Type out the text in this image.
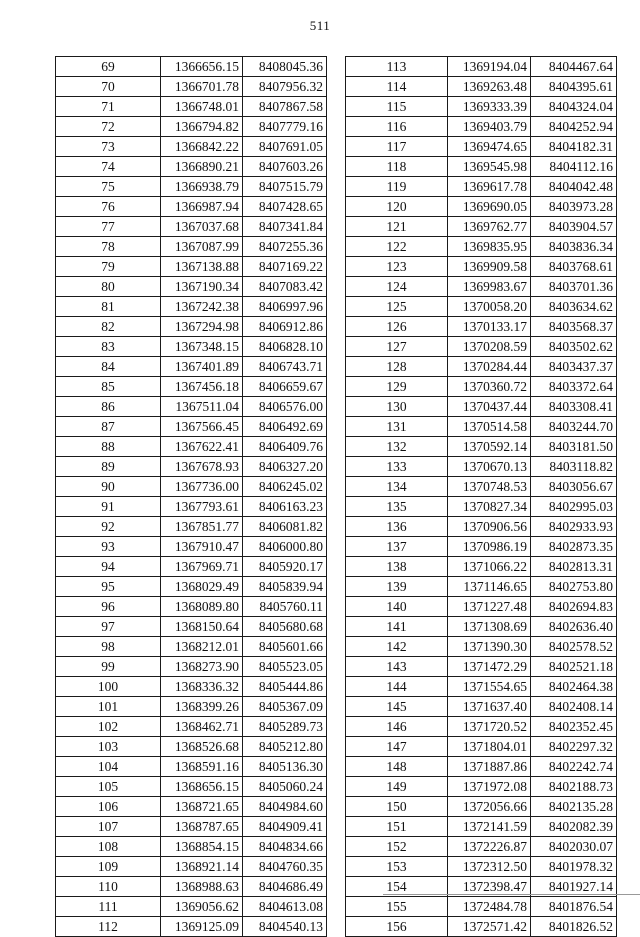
511
69	1366656.15	8408045.36
70	1366701.78	8407956.32
71	1366748.01	8407867.58
72	1366794.82	8407779.16
73	1366842.22	8407691.05
74	1366890.21	8407603.26
75	1366938.79	8407515.79
76	1366987.94	8407428.65
77	1367037.68	8407341.84
78	1367087.99	8407255.36
79	1367138.88	8407169.22
80	1367190.34	8407083.42
81	1367242.38	8406997.96
82	1367294.98	8406912.86
83	1367348.15	8406828.10
84	1367401.89	8406743.71
85	1367456.18	8406659.67
86	1367511.04	8406576.00
87	1367566.45	8406492.69
88	1367622.41	8406409.76
89	1367678.93	8406327.20
90	1367736.00	8406245.02
91	1367793.61	8406163.23
92	1367851.77	8406081.82
93	1367910.47	8406000.80
94	1367969.71	8405920.17
95	1368029.49	8405839.94
96	1368089.80	8405760.11
97	1368150.64	8405680.68
98	1368212.01	8405601.66
99	1368273.90	8405523.05
100	1368336.32	8405444.86
101	1368399.26	8405367.09
102	1368462.71	8405289.73
103	1368526.68	8405212.80
104	1368591.16	8405136.30
105	1368656.15	8405060.24
106	1368721.65	8404984.60
107	1368787.65	8404909.41
108	1368854.15	8404834.66
109	1368921.14	8404760.35
110	1368988.63	8404686.49
111	1369056.62	8404613.08
112	1369125.09	8404540.13
113	1369194.04	8404467.64
114	1369263.48	8404395.61
115	1369333.39	8404324.04
116	1369403.79	8404252.94
117	1369474.65	8404182.31
118	1369545.98	8404112.16
119	1369617.78	8404042.48
120	1369690.05	8403973.28
121	1369762.77	8403904.57
122	1369835.95	8403836.34
123	1369909.58	8403768.61
124	1369983.67	8403701.36
125	1370058.20	8403634.62
126	1370133.17	8403568.37
127	1370208.59	8403502.62
128	1370284.44	8403437.37
129	1370360.72	8403372.64
130	1370437.44	8403308.41
131	1370514.58	8403244.70
132	1370592.14	8403181.50
133	1370670.13	8403118.82
134	1370748.53	8403056.67
135	1370827.34	8402995.03
136	1370906.56	8402933.93
137	1370986.19	8402873.35
138	1371066.22	8402813.31
139	1371146.65	8402753.80
140	1371227.48	8402694.83
141	1371308.69	8402636.40
142	1371390.30	8402578.52
143	1371472.29	8402521.18
144	1371554.65	8402464.38
145	1371637.40	8402408.14
146	1371720.52	8402352.45
147	1371804.01	8402297.32
148	1371887.86	8402242.74
149	1371972.08	8402188.73
150	1372056.66	8402135.28
151	1372141.59	8402082.39
152	1372226.87	8402030.07
153	1372312.50	8401978.32
154	1372398.47	8401927.14
155	1372484.78	8401876.54
156	1372571.42	8401826.52
